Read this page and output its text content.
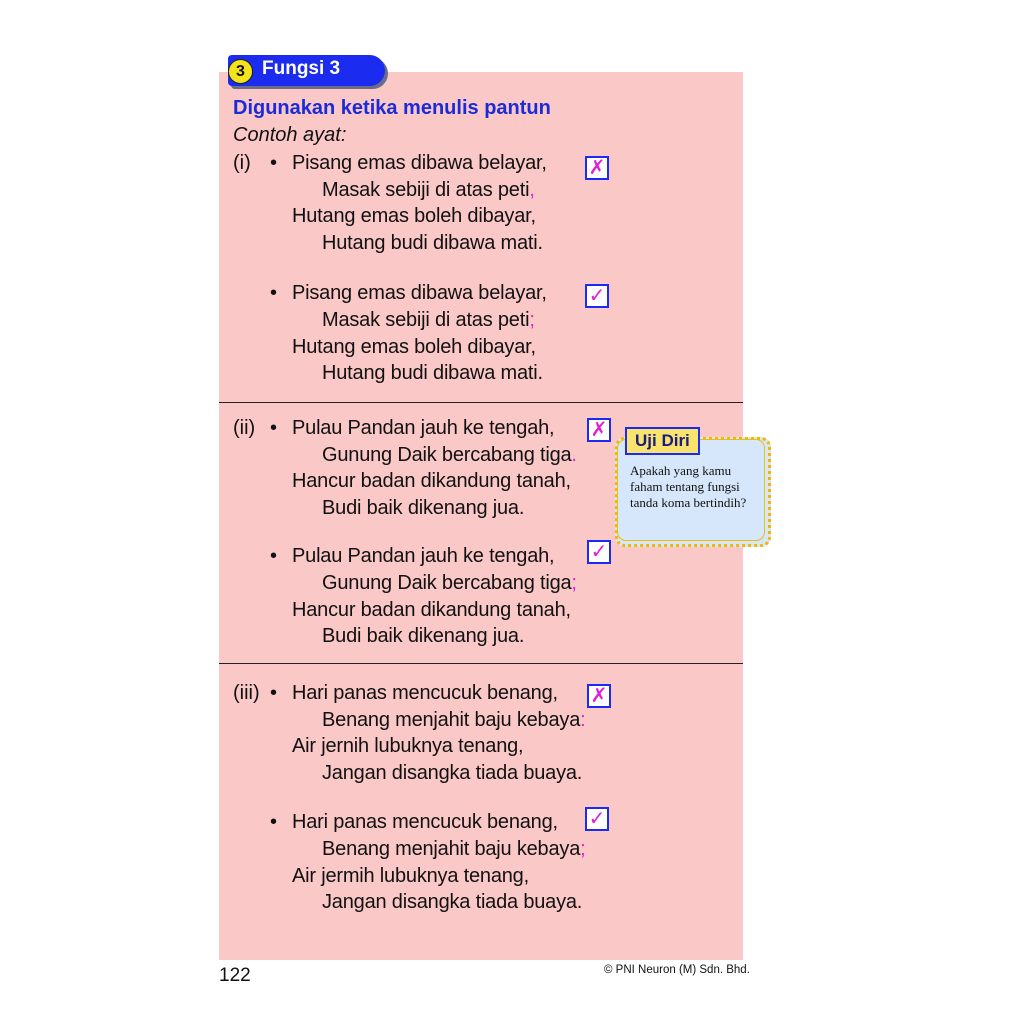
3 Fungsi 3
Digunakan ketika menulis pantun
Contoh ayat:
(i) • Pisang emas dibawa belayar,
Masak sebiji di atas peti,
Hutang emas boleh dibayar,
Hutang budi dibawa mati.
✗
• Pisang emas dibawa belayar,
Masak sebiji di atas peti;
Hutang emas boleh dibayar,
Hutang budi dibawa mati.
✓
(ii) • Pulau Pandan jauh ke tengah,
Gunung Daik bercabang tiga.
Hancur badan dikandung tanah,
Budi baik dikenang jua.
✗
• Pulau Pandan jauh ke tengah,
Gunung Daik bercabang tiga;
Hancur badan dikandung tanah,
Budi baik dikenang jua.
✓
(iii) • Hari panas mencucuk benang,
Benang menjahit baju kebaya:
Air jernih lubuknya tenang,
Jangan disangka tiada buaya.
✗
• Hari panas mencucuk benang,
Benang menjahit baju kebaya;
Air jermih lubuknya tenang,
Jangan disangka tiada buaya.
✓
Uji Diri
Apakah yang kamu faham tentang fungsi tanda koma bertindih?
122	© PNI Neuron (M) Sdn. Bhd.
